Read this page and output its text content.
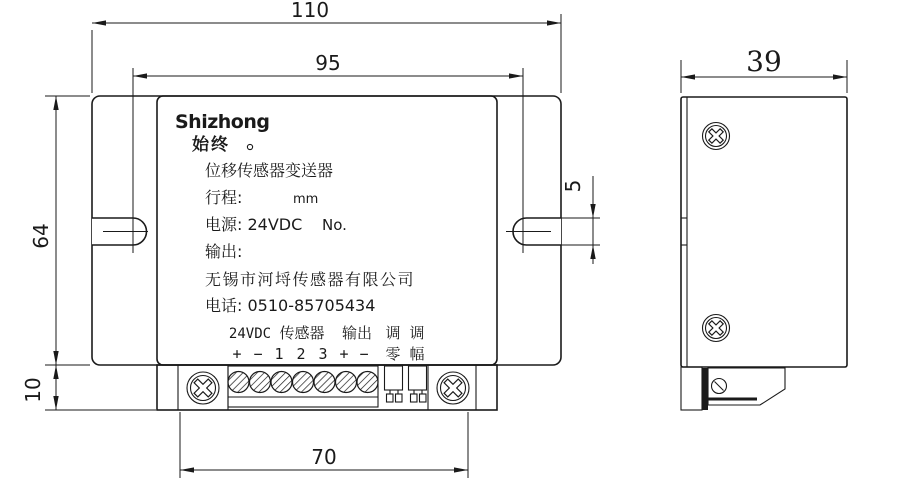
Shizhong
始终
位移传感器变送器
行程:	mm
电源: 24VDC No.
输出:
无锡市河埒传感器有限公司
电话: 0510-85705434
24VDC 传感器 输出 调 调
零 幅
+ − 1 2 3 + −
110
95
64
10
70
5
39
